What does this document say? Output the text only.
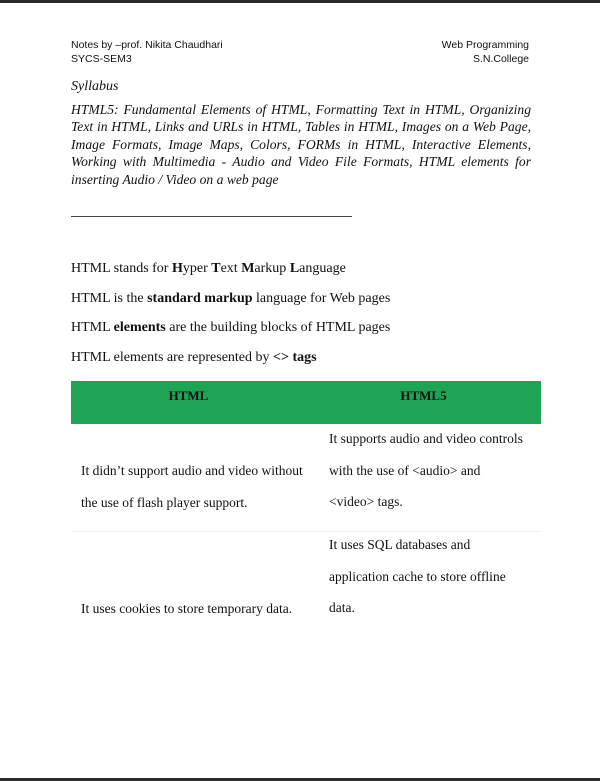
Notes by –prof. Nikita Chaudhari
SYCS-SEM3
Web Programming
S.N.College
Syllabus
HTML5: Fundamental Elements of HTML, Formatting Text in HTML, Organizing Text in HTML, Links and URLs in HTML, Tables in HTML, Images on a Web Page, Image Formats, Image Maps, Colors, FORMs in HTML, Interactive Elements, Working with Multimedia - Audio and Video File Formats, HTML elements for inserting Audio / Video on a web page
HTML stands for Hyper Text Markup Language
HTML is the standard markup language for Web pages
HTML elements are the building blocks of HTML pages
HTML elements are represented by <> tags
HTML	HTML5
It didn’t support audio and video without
the use of flash player support.
It supports audio and video controls
with the use of <audio> and
<video> tags.
It uses cookies to store temporary data.
It uses SQL databases and
application cache to store offline
data.
